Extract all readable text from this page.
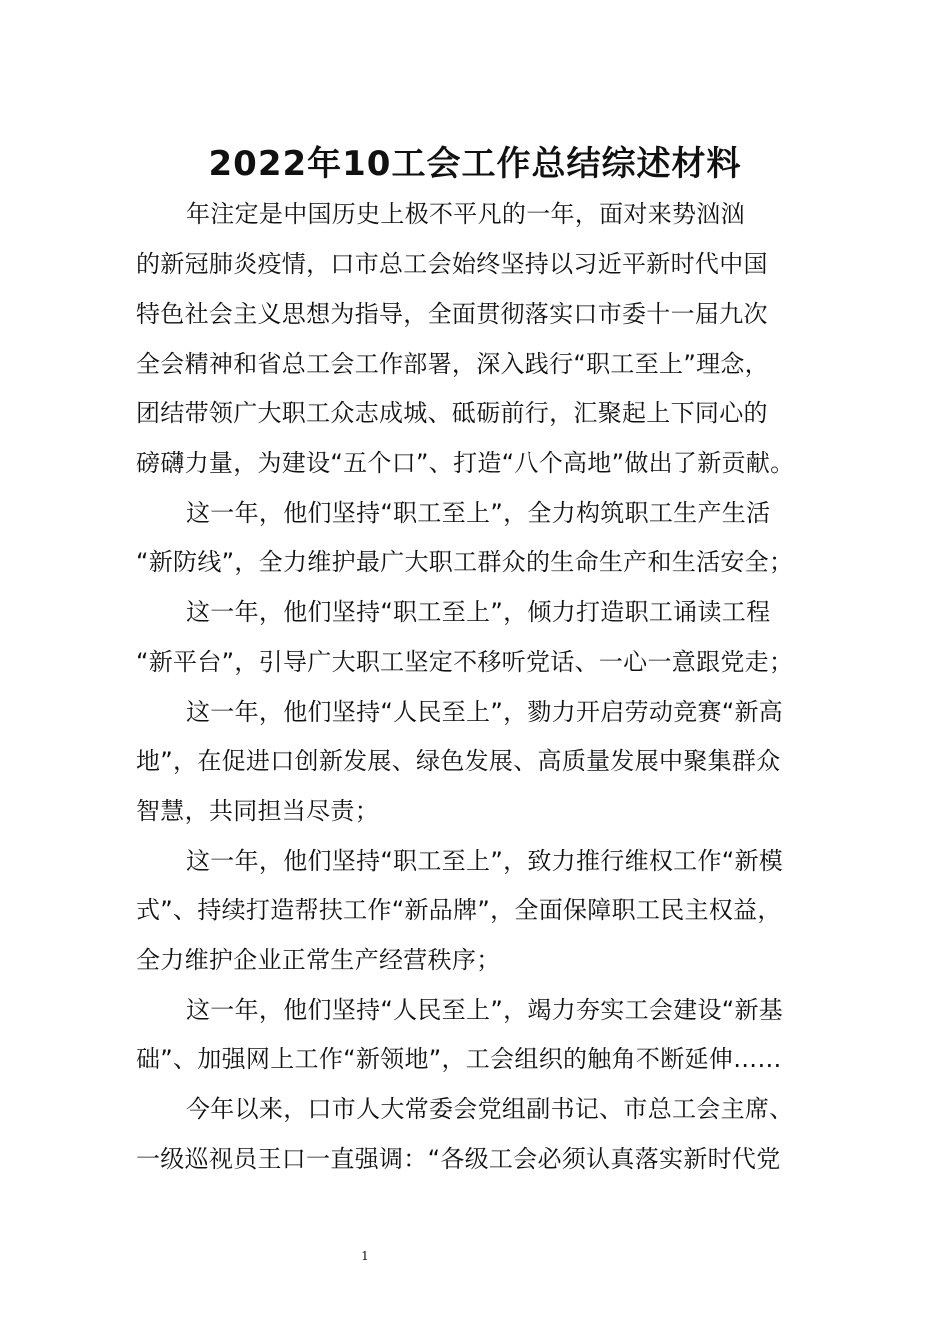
2022年10工会工作总结综述材料
年注定是中国历史上极不平凡的一年，面对来势汹汹
的新冠肺炎疫情，口市总工会始终坚持以习近平新时代中国
特色社会主义思想为指导，全面贯彻落实口市委十一届九次
全会精神和省总工会工作部署，深入践行“职工至上”理念，
团结带领广大职工众志成城、砥砺前行，汇聚起上下同心的
磅礴力量，为建设“五个口”、打造“八个高地”做出了新贡献。
这一年，他们坚持“职工至上”，全力构筑职工生产生活
“新防线”，全力维护最广大职工群众的生命生产和生活安全；
这一年，他们坚持“职工至上”，倾力打造职工诵读工程
“新平台”，引导广大职工坚定不移听党话、一心一意跟党走；
这一年，他们坚持“人民至上”，勠力开启劳动竞赛“新高
地”，在促进口创新发展、绿色发展、高质量发展中聚集群众
智慧，共同担当尽责；
这一年，他们坚持“职工至上”，致力推行维权工作“新模
式”、持续打造帮扶工作“新品牌”，全面保障职工民主权益，
全力维护企业正常生产经营秩序；
这一年，他们坚持“人民至上”，竭力夯实工会建设“新基
础”、加强网上工作“新领地”，工会组织的触角不断延伸……
今年以来，口市人大常委会党组副书记、市总工会主席、
一级巡视员王口一直强调：“各级工会必须认真落实新时代党
1
